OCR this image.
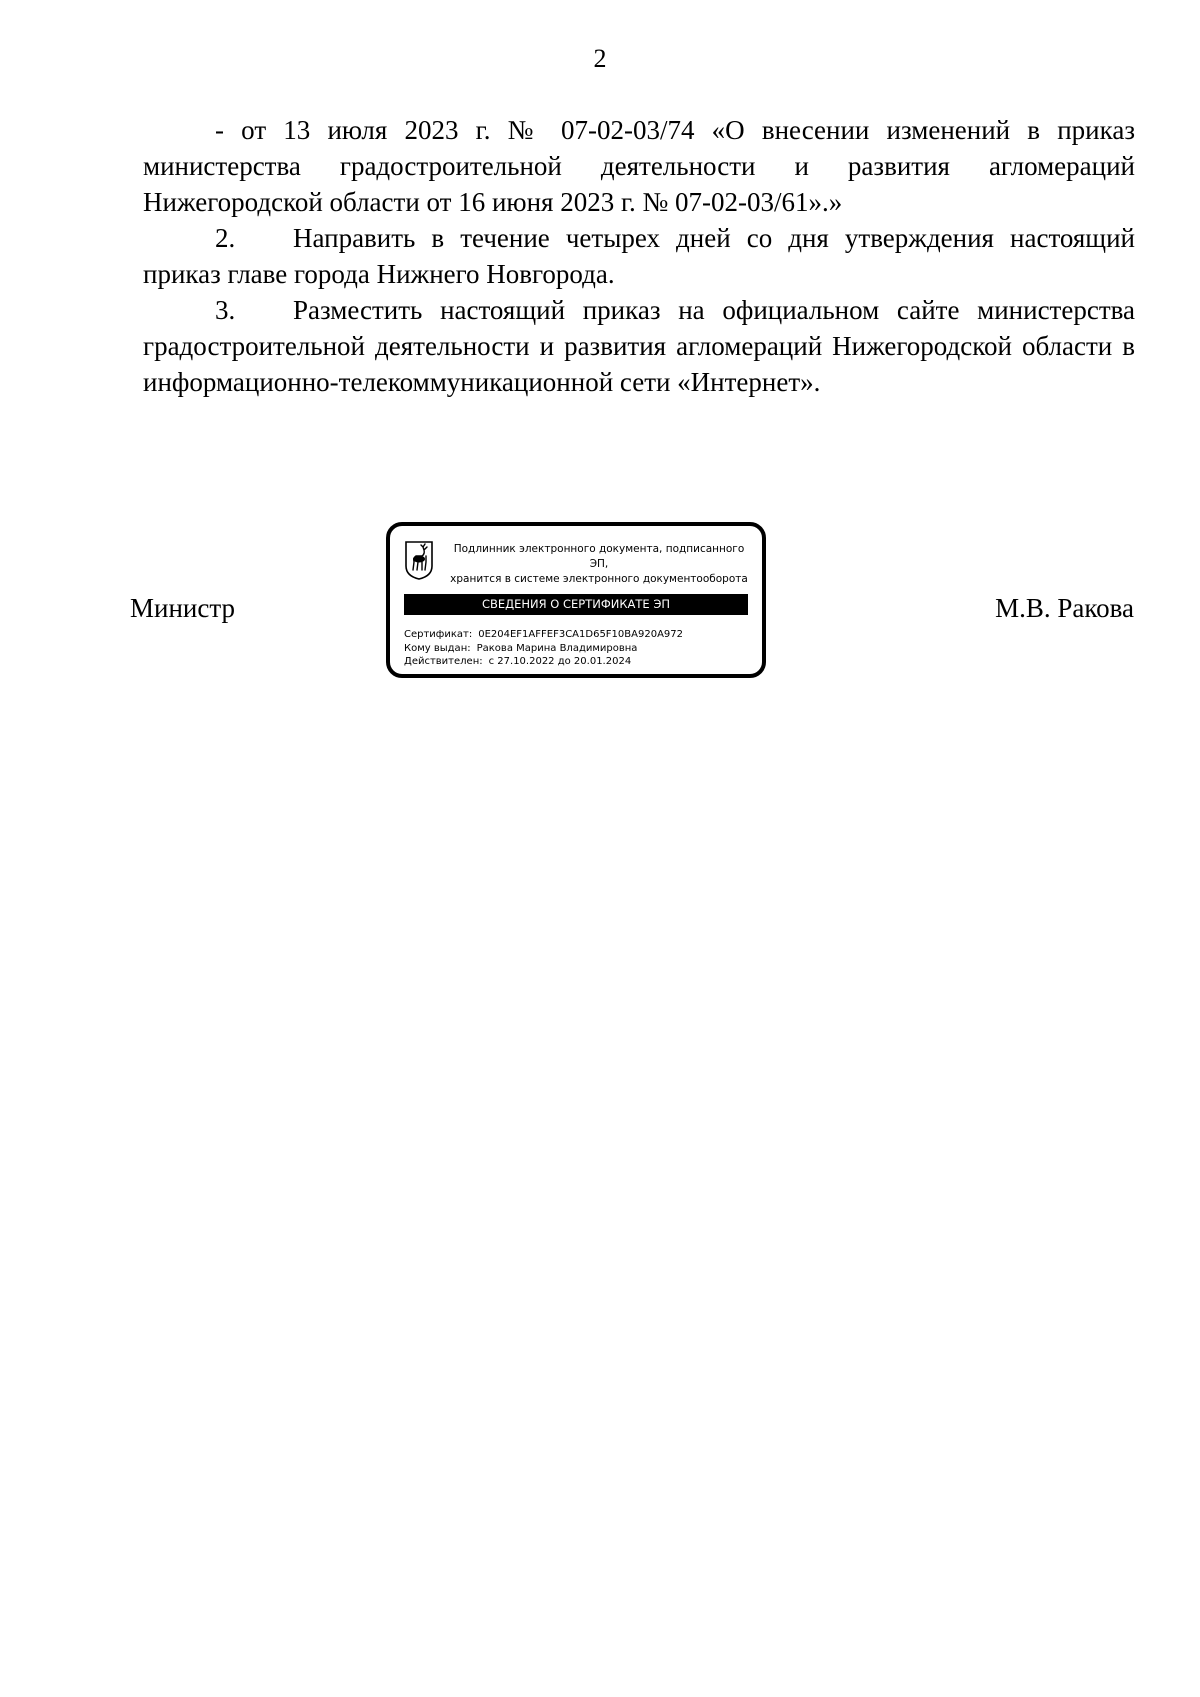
2

- от 13 июля 2023 г. № 07-02-03/74 «О внесении изменений в приказ министерства градостроительной деятельности и развития агломераций Нижегородской области от 16 июня 2023 г. № 07-02-03/61».»

2. Направить в течение четырех дней со дня утверждения настоящий приказ главе города Нижнего Новгорода.

3. Разместить настоящий приказ на официальном сайте министерства градостроительной деятельности и развития агломераций Нижегородской области в информационно-телекоммуникационной сети «Интернет».

Министр	М.В. Ракова
Подлинник электронного документа, подписанного ЭП,
хранится в системе электронного документооборота
СВЕДЕНИЯ О СЕРТИФИКАТЕ ЭП
Сертификат: 0E204EF1AFFEF3CA1D65F10BA920A972
Кому выдан: Ракова Марина Владимировна
Действителен: с 27.10.2022 до 20.01.2024
